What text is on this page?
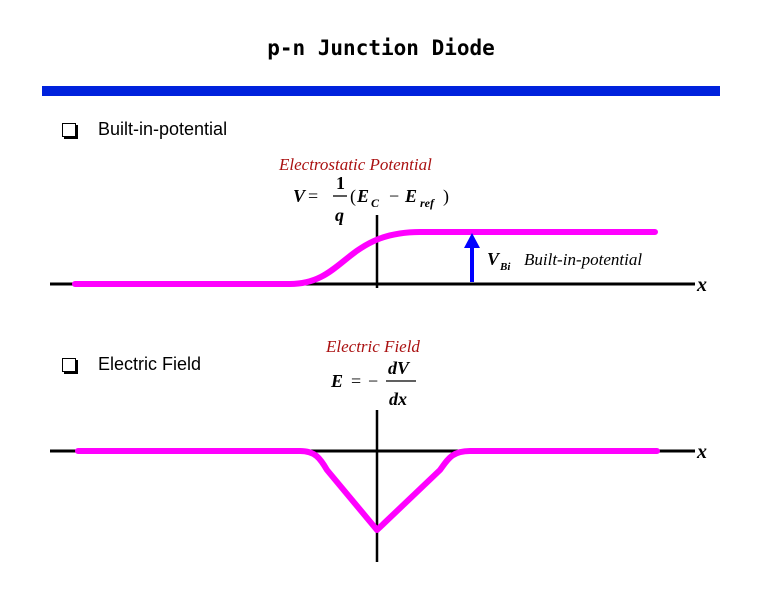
p-n Junction Diode
Built-in-potential
Electric Field
Electrostatic Potential
Electric Field
V =
1
q
( E C − E ref )
x
V Bi Built-in-potential
E = −
dV
dx
x
